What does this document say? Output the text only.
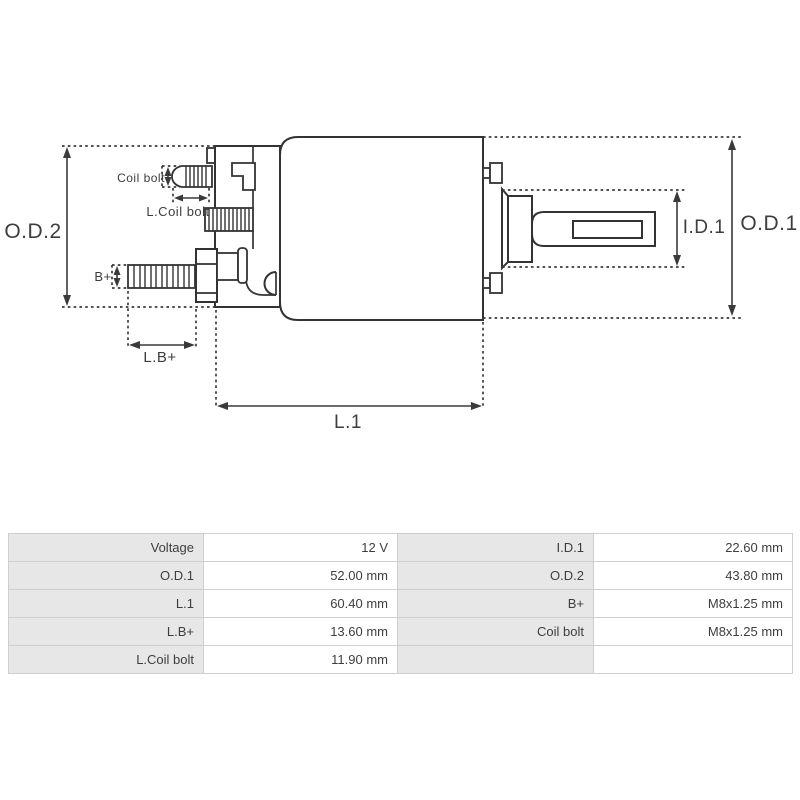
O.D.2	O.D.1
I.D.1
L.1
L.B+
B+
Coil bolt
L.Coil bolt
Voltage	12 V	I.D.1	22.60 mm
O.D.1	52.00 mm	O.D.2	43.80 mm
L.1	60.40 mm	B+	M8x1.25 mm
L.B+	13.60 mm	Coil bolt	M8x1.25 mm
L.Coil bolt	11.90 mm		
